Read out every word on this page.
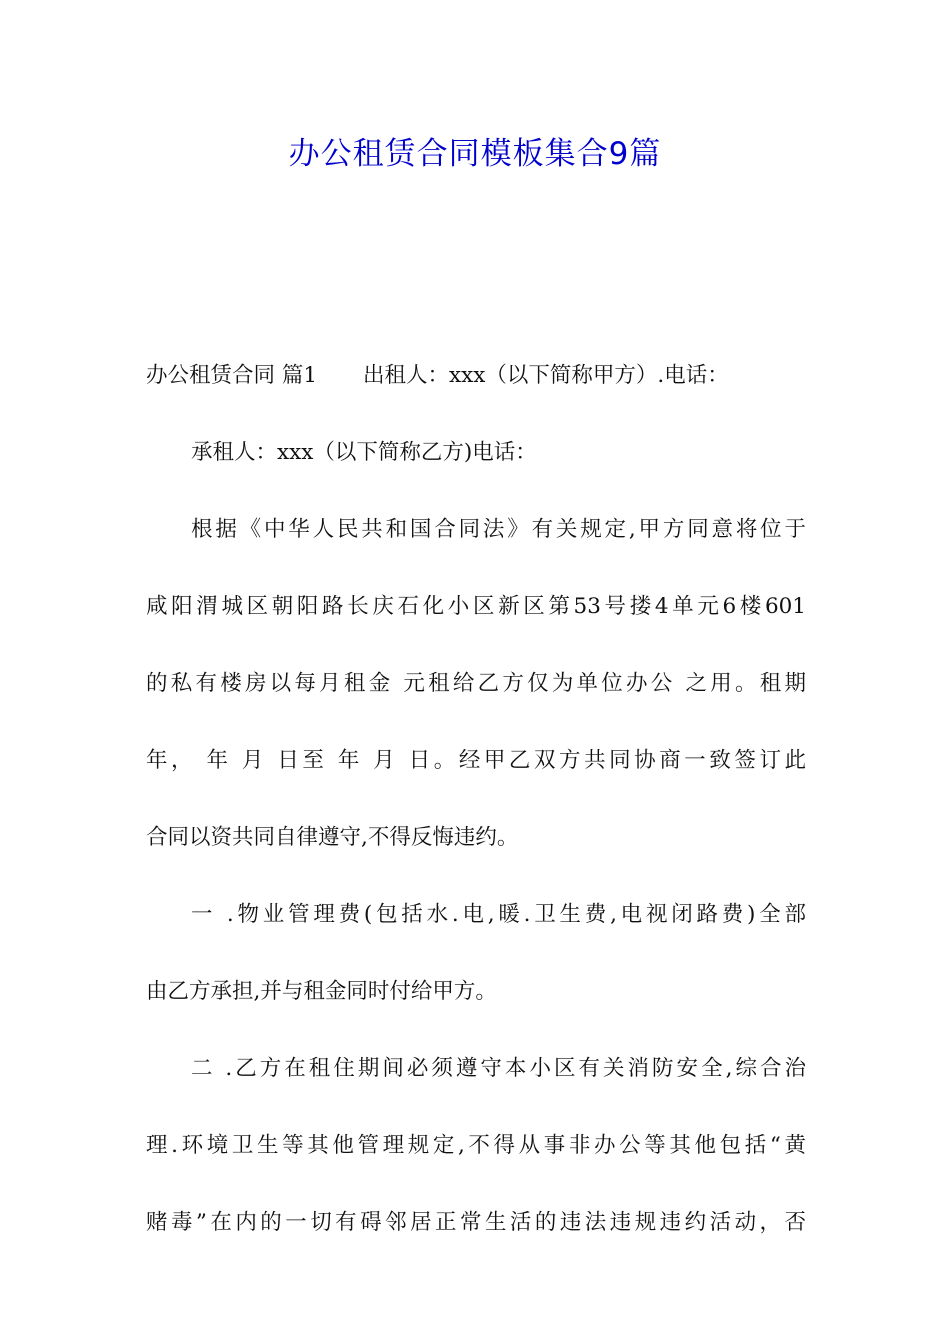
办公租赁合同模板集合9篇
办公租赁合同 篇1 出租人：xxx（以下简称甲方）.电话：
承租人：xxx（以下简称乙方)电话：
根据《中华人民共和国合同法》有关规定,甲方同意将位于
咸阳渭城区朝阳路长庆石化小区新区第53号搂4单元6楼601
的私有楼房以每月租金 元租给乙方仅为单位办公 之用。租期
年， 年 月 日至 年 月 日。经甲乙双方共同协商一致签订此
合同以资共同自律遵守,不得反悔违约。
一 .物业管理费(包括水.电,暖.卫生费,电视闭路费)全部
由乙方承担,并与租金同时付给甲方。
二 .乙方在租住期间必须遵守本小区有关消防安全,综合治
理.环境卫生等其他管理规定,不得从事非办公等其他包括“黄
赌毒”在内的一切有碍邻居正常生活的违法违规违约活动，否
